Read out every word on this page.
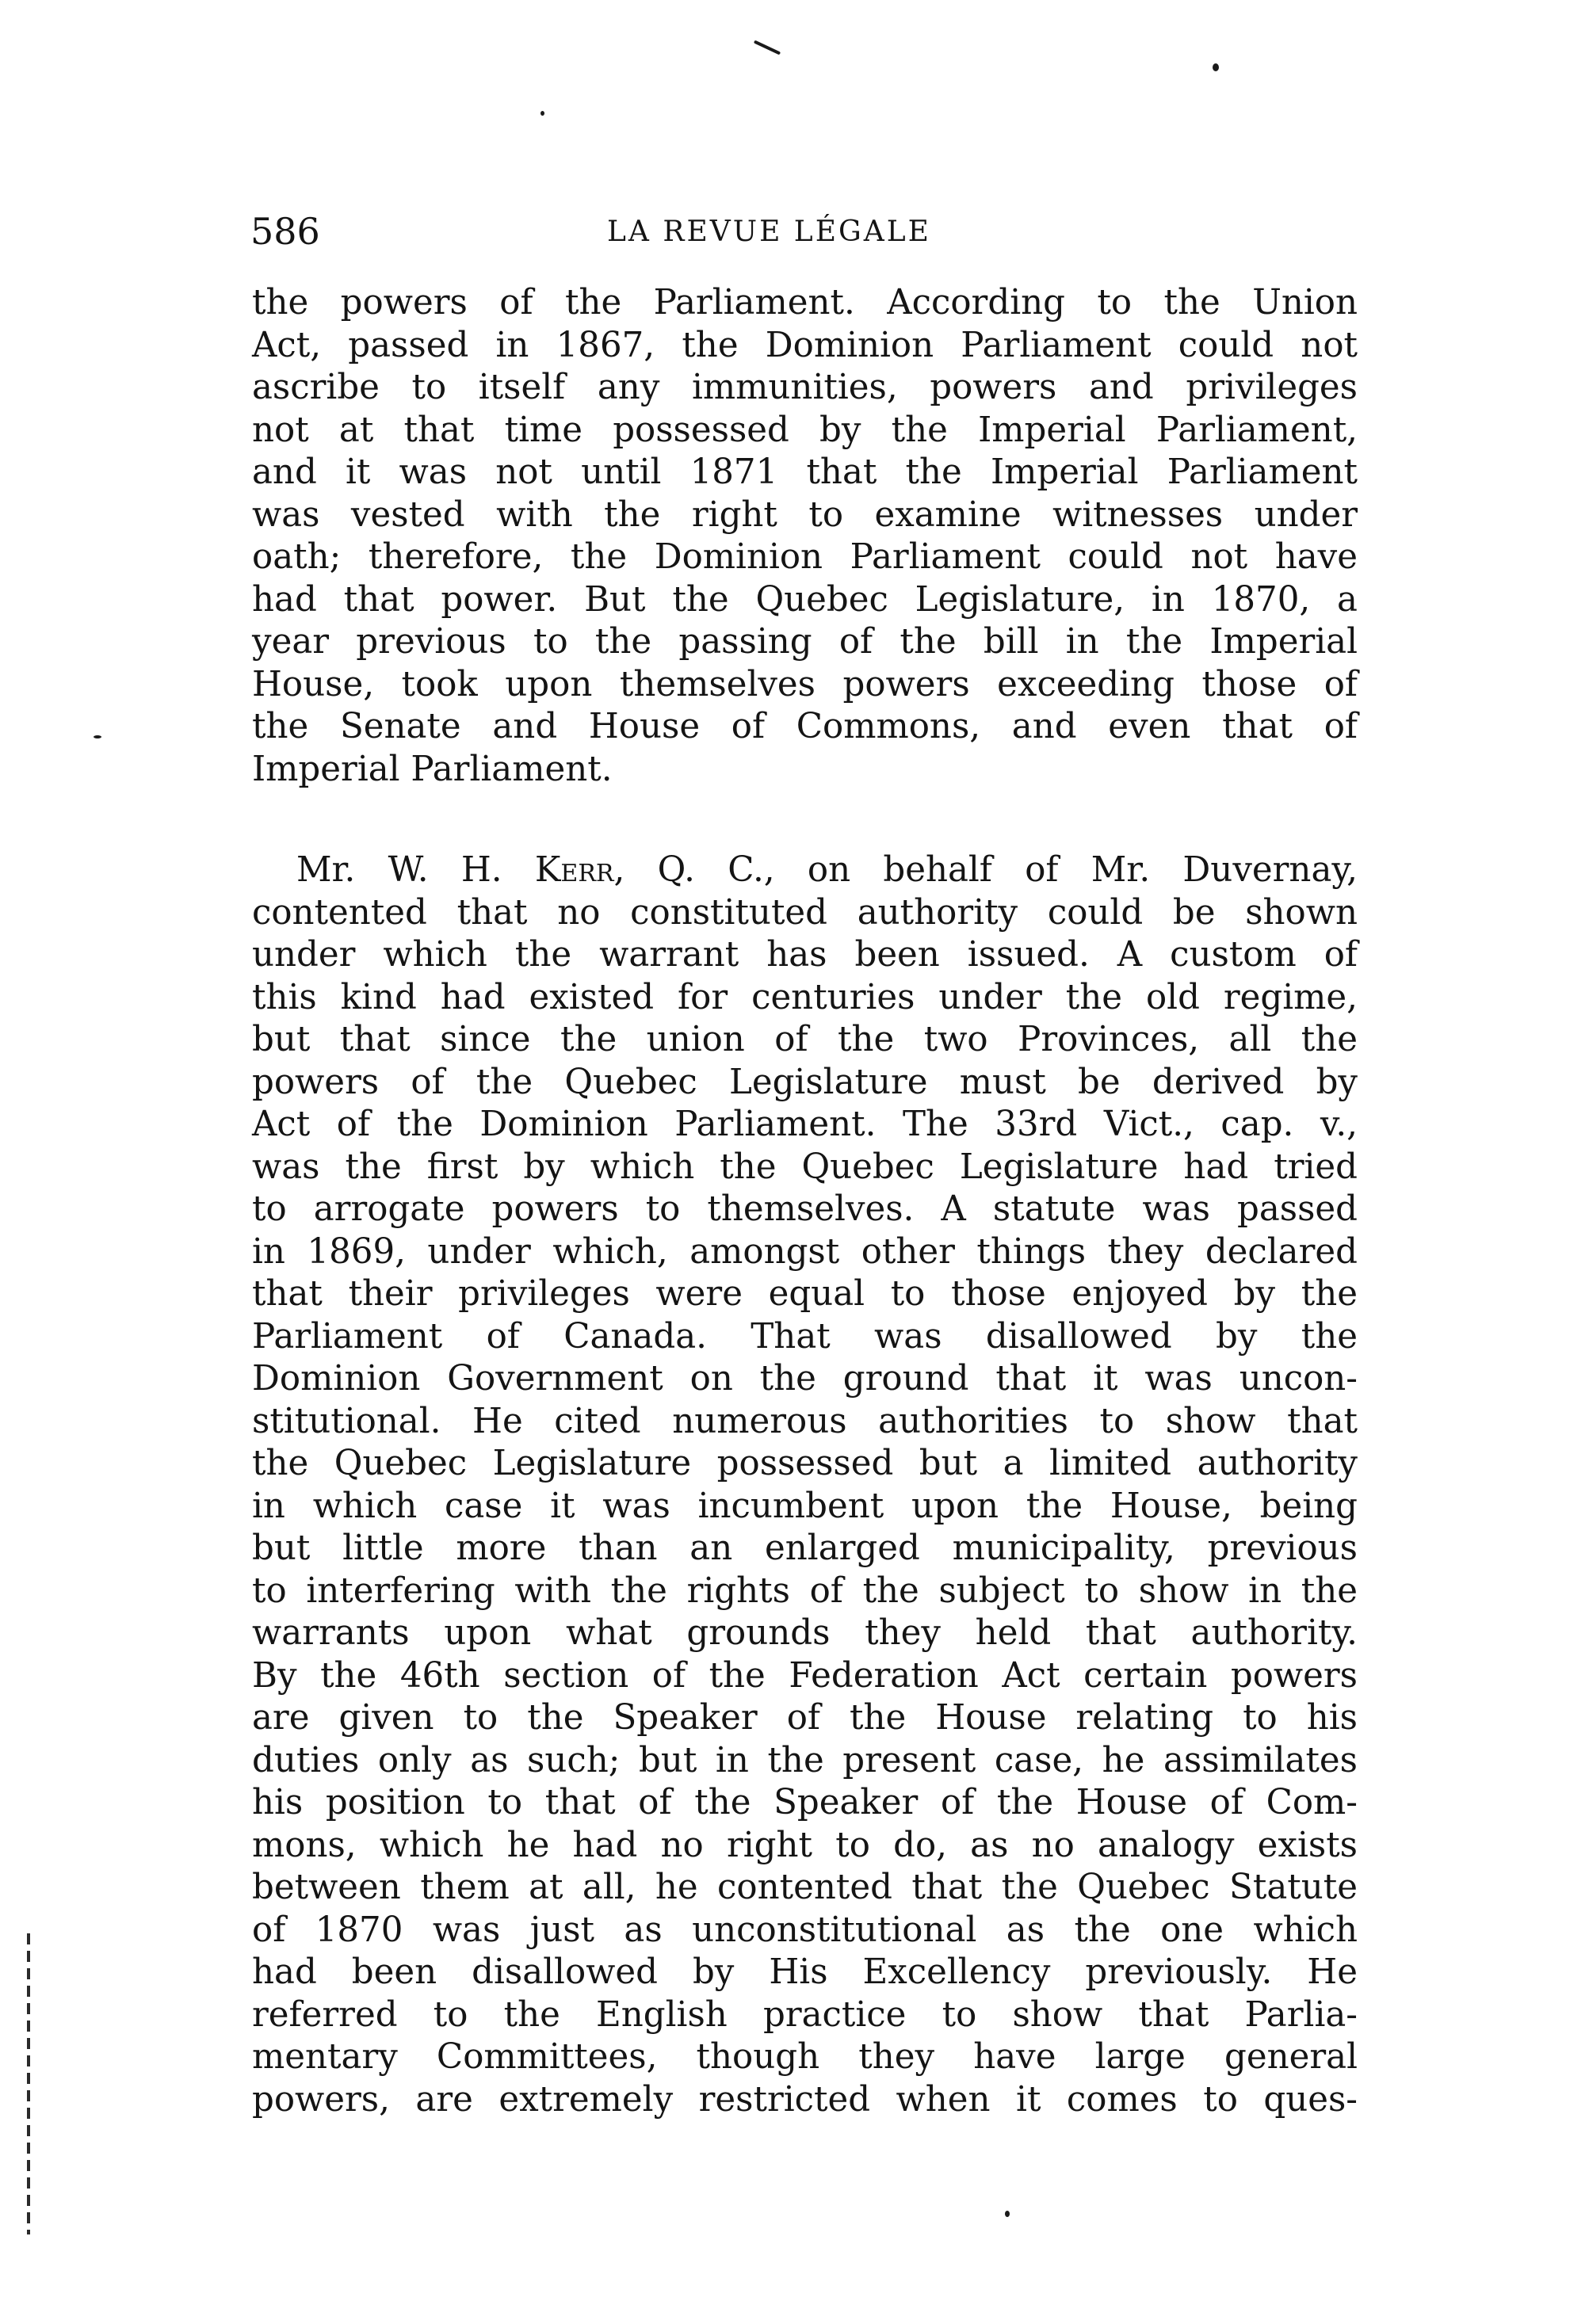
586	LA REVUE LÉGALE
the powers of the Parliament. According to the Union
Act, passed in 1867, the Dominion Parliament could not
ascribe to itself any immunities, powers and privileges
not at that time possessed by the Imperial Parliament,
and it was not until 1871 that the Imperial Parliament
was vested with the right to examine witnesses under
oath; therefore, the Dominion Parliament could not have
had that power. But the Quebec Legislature, in 1870, a
year previous to the passing of the bill in the Imperial
House, took upon themselves powers exceeding those of
the Senate and House of Commons, and even that of
Imperial Parliament.
Mr. W. H. Kerr, Q. C., on behalf of Mr. Duvernay,
contented that no constituted authority could be shown
under which the warrant has been issued. A custom of
this kind had existed for centuries under the old regime,
but that since the union of the two Provinces, all the
powers of the Quebec Legislature must be derived by
Act of the Dominion Parliament. The 33rd Vict., cap. v.,
was the first by which the Quebec Legislature had tried
to arrogate powers to themselves. A statute was passed
in 1869, under which, amongst other things they declared
that their privileges were equal to those enjoyed by the
Parliament of Canada. That was disallowed by the
Dominion Government on the ground that it was uncon-
stitutional. He cited numerous authorities to show that
the Quebec Legislature possessed but a limited authority
in which case it was incumbent upon the House, being
but little more than an enlarged municipality, previous
to interfering with the rights of the subject to show in the
warrants upon what grounds they held that authority.
By the 46th section of the Federation Act certain powers
are given to the Speaker of the House relating to his
duties only as such; but in the present case, he assimilates
his position to that of the Speaker of the House of Com-
mons, which he had no right to do, as no analogy exists
between them at all, he contented that the Quebec Statute
of 1870 was just as unconstitutional as the one which
had been disallowed by His Excellency previously. He
referred to the English practice to show that Parlia-
mentary Committees, though they have large general
powers, are extremely restricted when it comes to ques-
